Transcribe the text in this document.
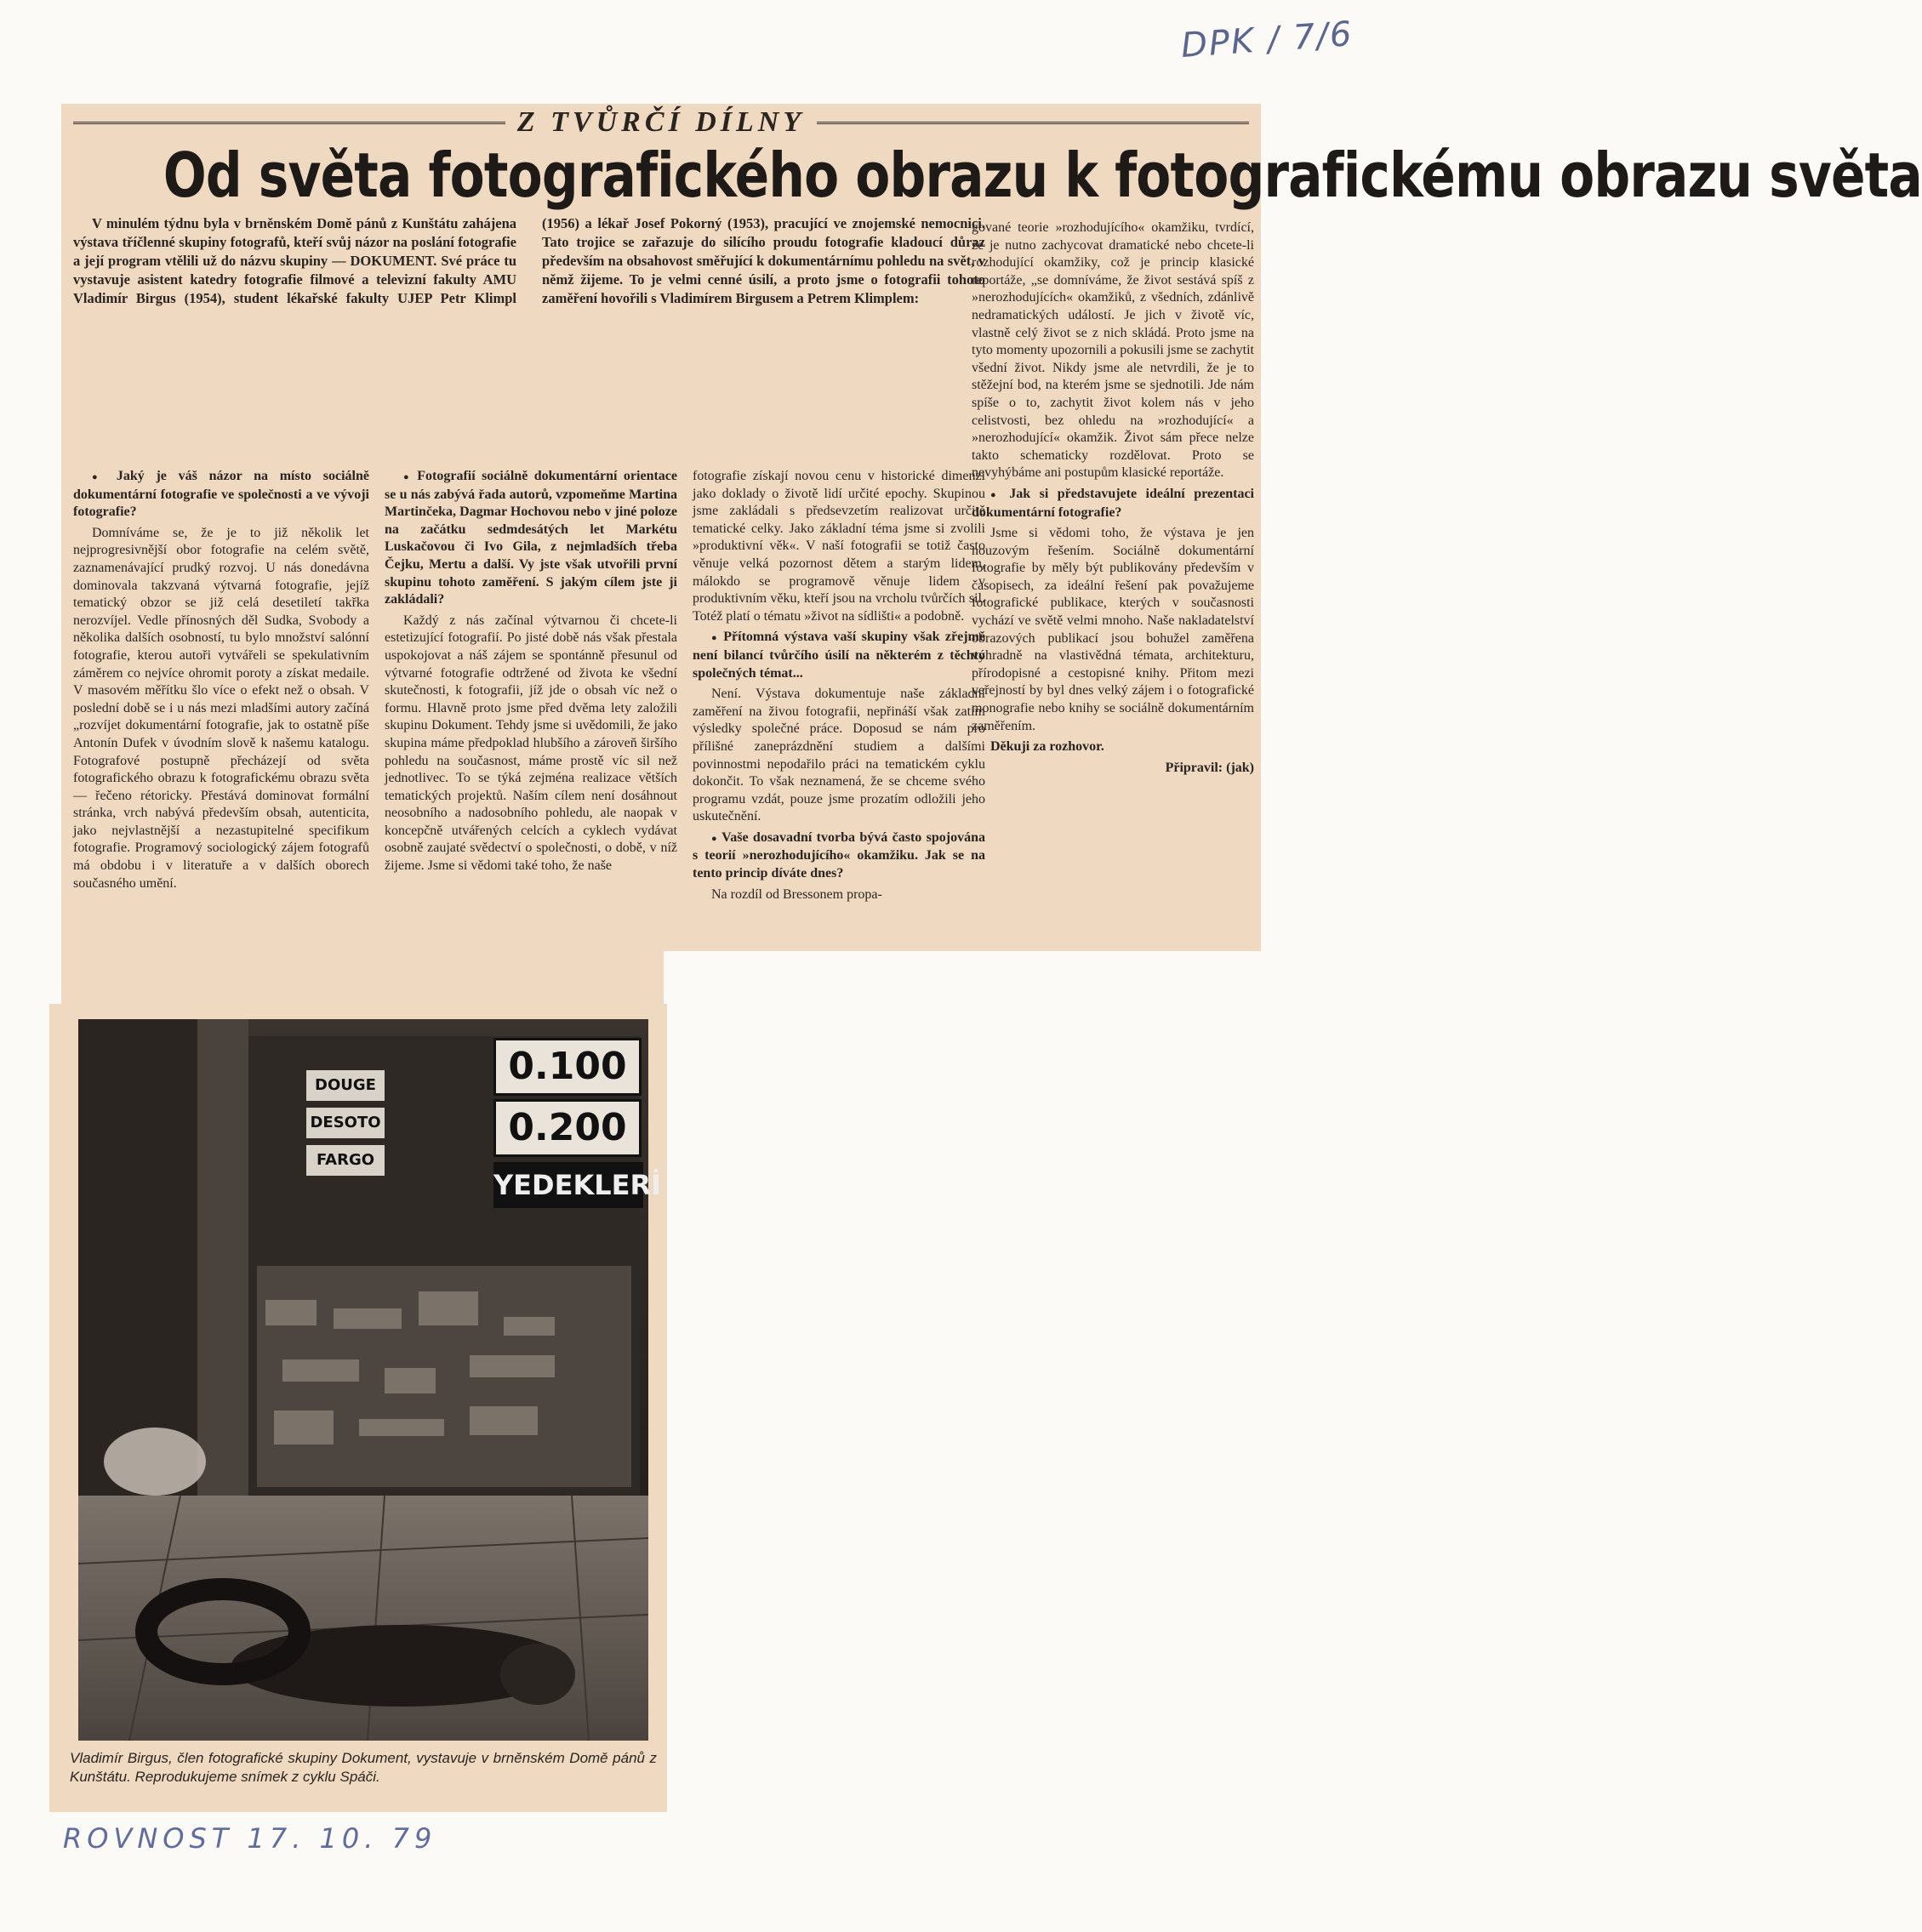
DPK / 7/6
Z TVŮRČÍ DÍLNY
Od světa fotografického obrazu k fotografickému obrazu světa

V minulém týdnu byla v brněnském Domě pánů z Kunštátu zahájena výstava tříčlenné skupiny fotografů, kteří svůj názor na poslání fotografie a její program vtělili už do názvu skupiny — DOKUMENT. Své práce tu vystavuje asistent katedry fotografie filmové a televizní fakulty AMU Vladimír Birgus (1954), student lékařské fakulty UJEP Petr Klimpl (1956) a lékař Josef Pokorný (1953), pracující ve znojemské nemocnici. Tato trojice se zařazuje do silícího proudu fotografie kladoucí důraz především na obsahovost směřující k dokumentárnímu pohledu na svět, v němž žijeme. To je velmi cenné úsilí, a proto jsme o fotografii tohoto zaměření hovořili s Vladimírem Birgusem a Petrem Klimplem:

● Jaký je váš názor na místo sociálně dokumentární fotografie ve společnosti a ve vývoji fotografie?

Domníváme se, že je to již několik let nejprogresivnější obor fotografie na celém světě, zaznamenávající prudký rozvoj. U nás donedávna dominovala takzvaná výtvarná fotografie, jejíž tematický obzor se již celá desetiletí takřka nerozvíjel. Vedle přínosných děl Sudka, Svobody a několika dalších osobností, tu bylo množství salónní fotografie, kterou autoři vytvářeli se spekulativním záměrem co nejvíce ohromit poroty a získat medaile. V masovém měřítku šlo více o efekt než o obsah. V poslední době se i u nás mezi mladšími autory začíná „rozvíjet dokumentární fotografie, jak to ostatně píše Antonín Dufek v úvodním slově k našemu katalogu. Fotografové postupně přecházejí od světa fotografického obrazu k fotografickému obrazu světa — řečeno rétoricky. Přestává dominovat formální stránka, vrch nabývá především obsah, autenticita, jako nejvlastnější a nezastupitelné specifikum fotografie. Programový sociologický zájem fotografů má obdobu i v literatuře a v dalších oborech současného umění.

● Fotografií sociálně dokumentární orientace se u nás zabývá řada autorů, vzpomeňme Martina Martinčeka, Dagmar Hochovou nebo v jiné poloze na začátku sedmdesátých let Markétu Luskačovou či Ivo Gila, z nejmladších třeba Čejku, Mertu a další. Vy jste však utvořili první skupinu tohoto zaměření. S jakým cílem jste ji zakládali?

Každý z nás začínal výtvarnou či chcete-li estetizující fotografií. Po jisté době nás však přestala uspokojovat a náš zájem se spontánně přesunul od výtvarné fotografie odtržené od života ke všední skutečnosti, k fotografii, jíž jde o obsah víc než o formu. Hlavně proto jsme před dvěma lety založili skupinu Dokument. Tehdy jsme si uvědomili, že jako skupina máme předpoklad hlubšího a zároveň širšího pohledu na současnost, máme prostě víc sil než jednotlivec. To se týká zejména realizace větších tematických projektů. Naším cílem není dosáhnout neosobního a nadosobního pohledu, ale naopak v koncepčně utvářených celcích a cyklech vydávat osobně zaujaté svědectví o společnosti, o době, v níž žijeme. Jsme si vědomi také toho, že naše

fotografie získají novou cenu v historické dimenzi jako doklady o životě lidí určité epochy. Skupinou jsme zakládali s předsevzetím realizovat určitě tematické celky. Jako základní téma jsme si zvolili »produktivní věk«. V naší fotografii se totiž často věnuje velká pozornost dětem a starým lidem, málokdo se programově věnuje lidem v produktivním věku, kteří jsou na vrcholu tvůrčích sil. Totéž platí o tématu »život na sídlišti« a podobně.

● Přítomná výstava vaší skupiny však zřejmě není bilancí tvůrčího úsilí na některém z těchto společných témat...

Není. Výstava dokumentuje naše základní zaměření na živou fotografii, nepřináší však zatím výsledky společné práce. Doposud se nám pro přílišné zaneprázdnění studiem a dalšími povinnostmi nepodařilo práci na tematickém cyklu dokončit. To však neznamená, že se chceme svého programu vzdát, pouze jsme prozatím odložili jeho uskutečnění.

● Vaše dosavadní tvorba bývá často spojována s teorií »nerozhodujícího« okamžiku. Jak se na tento princip díváte dnes?

Na rozdíl od Bressonem propa-

gované teorie »rozhodujícího« okamžiku, tvrdící, že je nutno zachycovat dramatické nebo chcete-li rozhodující okamžiky, což je princip klasické reportáže, „se domníváme, že život sestává spíš z »nerozhodujících« okamžiků, z všedních, zdánlivě nedramatických událostí. Je jich v životě víc, vlastně celý život se z nich skládá. Proto jsme na tyto momenty upozornili a pokusili jsme se zachytit všední život. Nikdy jsme ale netvrdili, že je to stěžejní bod, na kterém jsme se sjednotili. Jde nám spíše o to, zachytit život kolem nás v jeho celistvosti, bez ohledu na »rozhodující« a »nerozhodující« okamžik. Život sám přece nelze takto schematicky rozdělovat. Proto se nevyhýbáme ani postupům klasické reportáže.

● Jak si představujete ideální prezentaci dokumentární fotografie?

Jsme si vědomi toho, že výstava je jen nouzovým řešením. Sociálně dokumentární fotografie by měly být publikovány především v časopisech, za ideální řešení pak považujeme fotografické publikace, kterých v současnosti vychází ve světě velmi mnoho. Naše nakladatelství obrazových publikací jsou bohužel zaměřena výhradně na vlastivědná témata, architekturu, přírodopisné a cestopisné knihy. Přitom mezi veřejností by byl dnes velký zájem i o fotografické monografie nebo knihy se sociálně dokumentárním zaměřením.

Děkuji za rozhovor.

Připravil: (jak)

0.100
0.200
YEDEKLERİ
DOUGE
DESOTO
FARGO
Vladimír Birgus, člen fotografické skupiny Dokument, vystavuje v brněnském Domě pánů z Kunštátu. Reprodukujeme snímek z cyklu Spáči.
ROVNOST 17. 10. 79
